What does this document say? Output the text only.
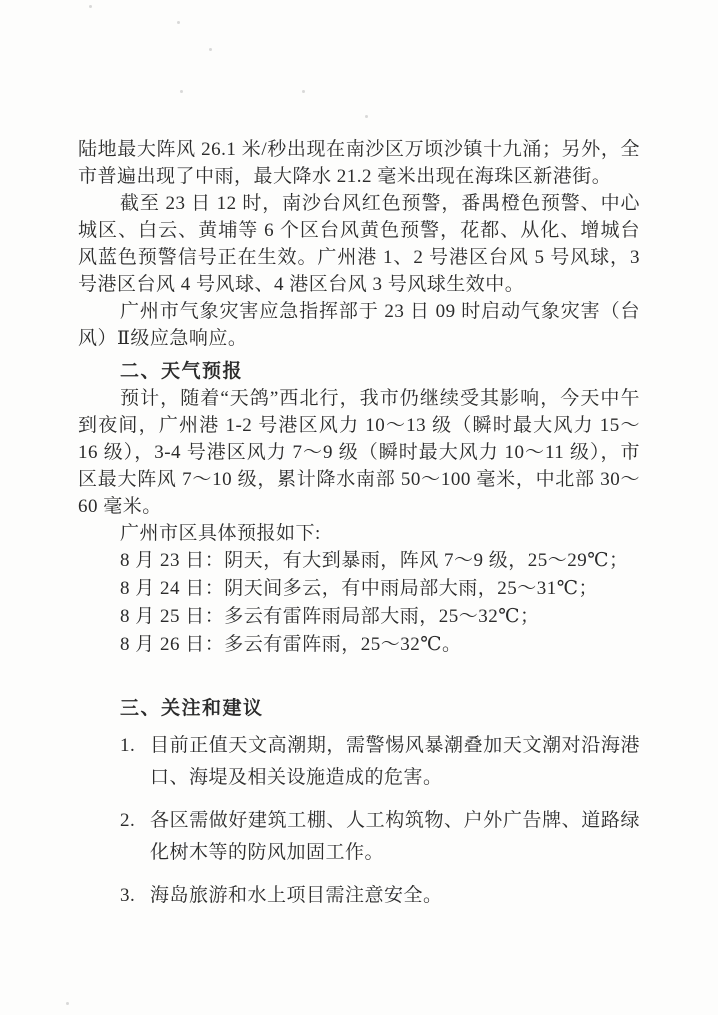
陆地最大阵风 26.1 米/秒出现在南沙区万顷沙镇十九涌；另外，全市普遍出现了中雨，最大降水 21.2 毫米出现在海珠区新港街。

截至 23 日 12 时，南沙台风红色预警，番禺橙色预警、中心城区、白云、黄埔等 6 个区台风黄色预警，花都、从化、增城台风蓝色预警信号正在生效。广州港 1、2 号港区台风 5 号风球，3 号港区台风 4 号风球、4 港区台风 3 号风球生效中。

广州市气象灾害应急指挥部于 23 日 09 时启动气象灾害（台风）Ⅱ级应急响应。

二、天气预报

预计，随着“天鸽”西北行，我市仍继续受其影响，今天中午到夜间，广州港 1-2 号港区风力 10～13 级（瞬时最大风力 15～16 级），3-4 号港区风力 7～9 级（瞬时最大风力 10～11 级），市区最大阵风 7～10 级，累计降水南部 50～100 毫米，中北部 30～60 毫米。

广州市区具体预报如下:

8 月 23 日：阴天，有大到暴雨，阵风 7～9 级，25～29℃；

8 月 24 日：阴天间多云，有中雨局部大雨，25～31℃；

8 月 25 日：多云有雷阵雨局部大雨，25～32℃；

8 月 26 日：多云有雷阵雨，25～32℃。

三、关注和建议

1. 目前正值天文高潮期，需警惕风暴潮叠加天文潮对沿海港口、海堤及相关设施造成的危害。
2. 各区需做好建筑工棚、人工构筑物、户外广告牌、道路绿化树木等的防风加固工作。
3. 海岛旅游和水上项目需注意安全。
